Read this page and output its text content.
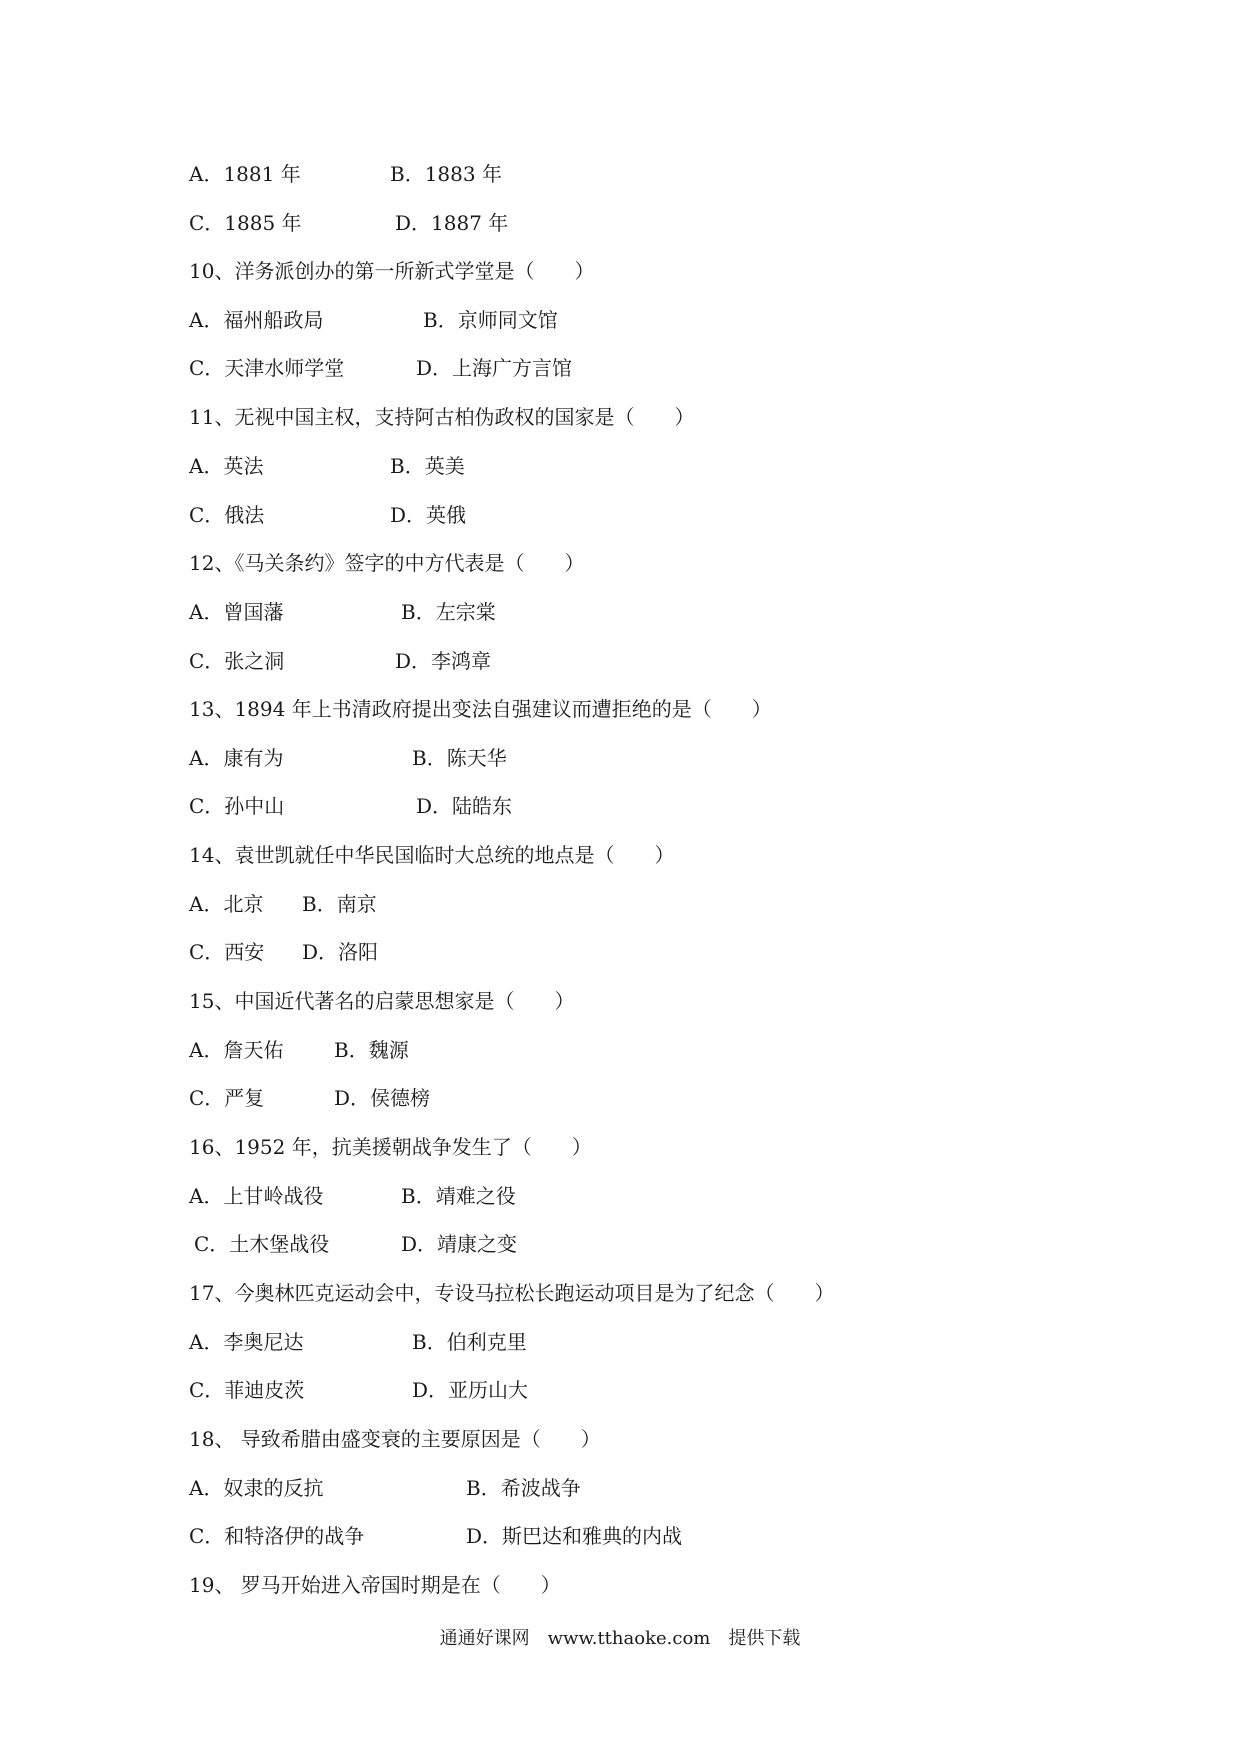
A．1881 年	B．1883 年
C．1885 年	D．1887 年
10、洋务派创办的第一所新式学堂是（　　）
A．福州船政局	B．京师同文馆
C．天津水师学堂	D．上海广方言馆
11、无视中国主权，支持阿古柏伪政权的国家是（　　）
A．英法	B．英美
C．俄法	D．英俄
12、《马关条约》签字的中方代表是（　　）
A．曾国藩	B．左宗棠
C．张之洞	D．李鸿章
13、1894 年上书清政府提出变法自强建议而遭拒绝的是（　　）
A．康有为	B．陈天华
C．孙中山	D．陆皓东
14、袁世凯就任中华民国临时大总统的地点是（　　）
A．北京 B．南京
C．西安 D．洛阳
15、中国近代著名的启蒙思想家是（　　）
A．詹天佑	B．魏源
C．严复	D．侯德榜
16、1952 年，抗美援朝战争发生了（　　）
A．上甘岭战役	B．靖难之役
C．土木堡战役	D．靖康之变
17、今奥林匹克运动会中，专设马拉松长跑运动项目是为了纪念（　　）
A．李奥尼达	B．伯利克里
C．菲迪皮茨	D．亚历山大
18、 导致希腊由盛变衰的主要原因是（　　）
A．奴隶的反抗	B．希波战争
C．和特洛伊的战争	D．斯巴达和雅典的内战
19、 罗马开始进入帝国时期是在（　　）
通通好课网　www.tthaoke.com　提供下载
